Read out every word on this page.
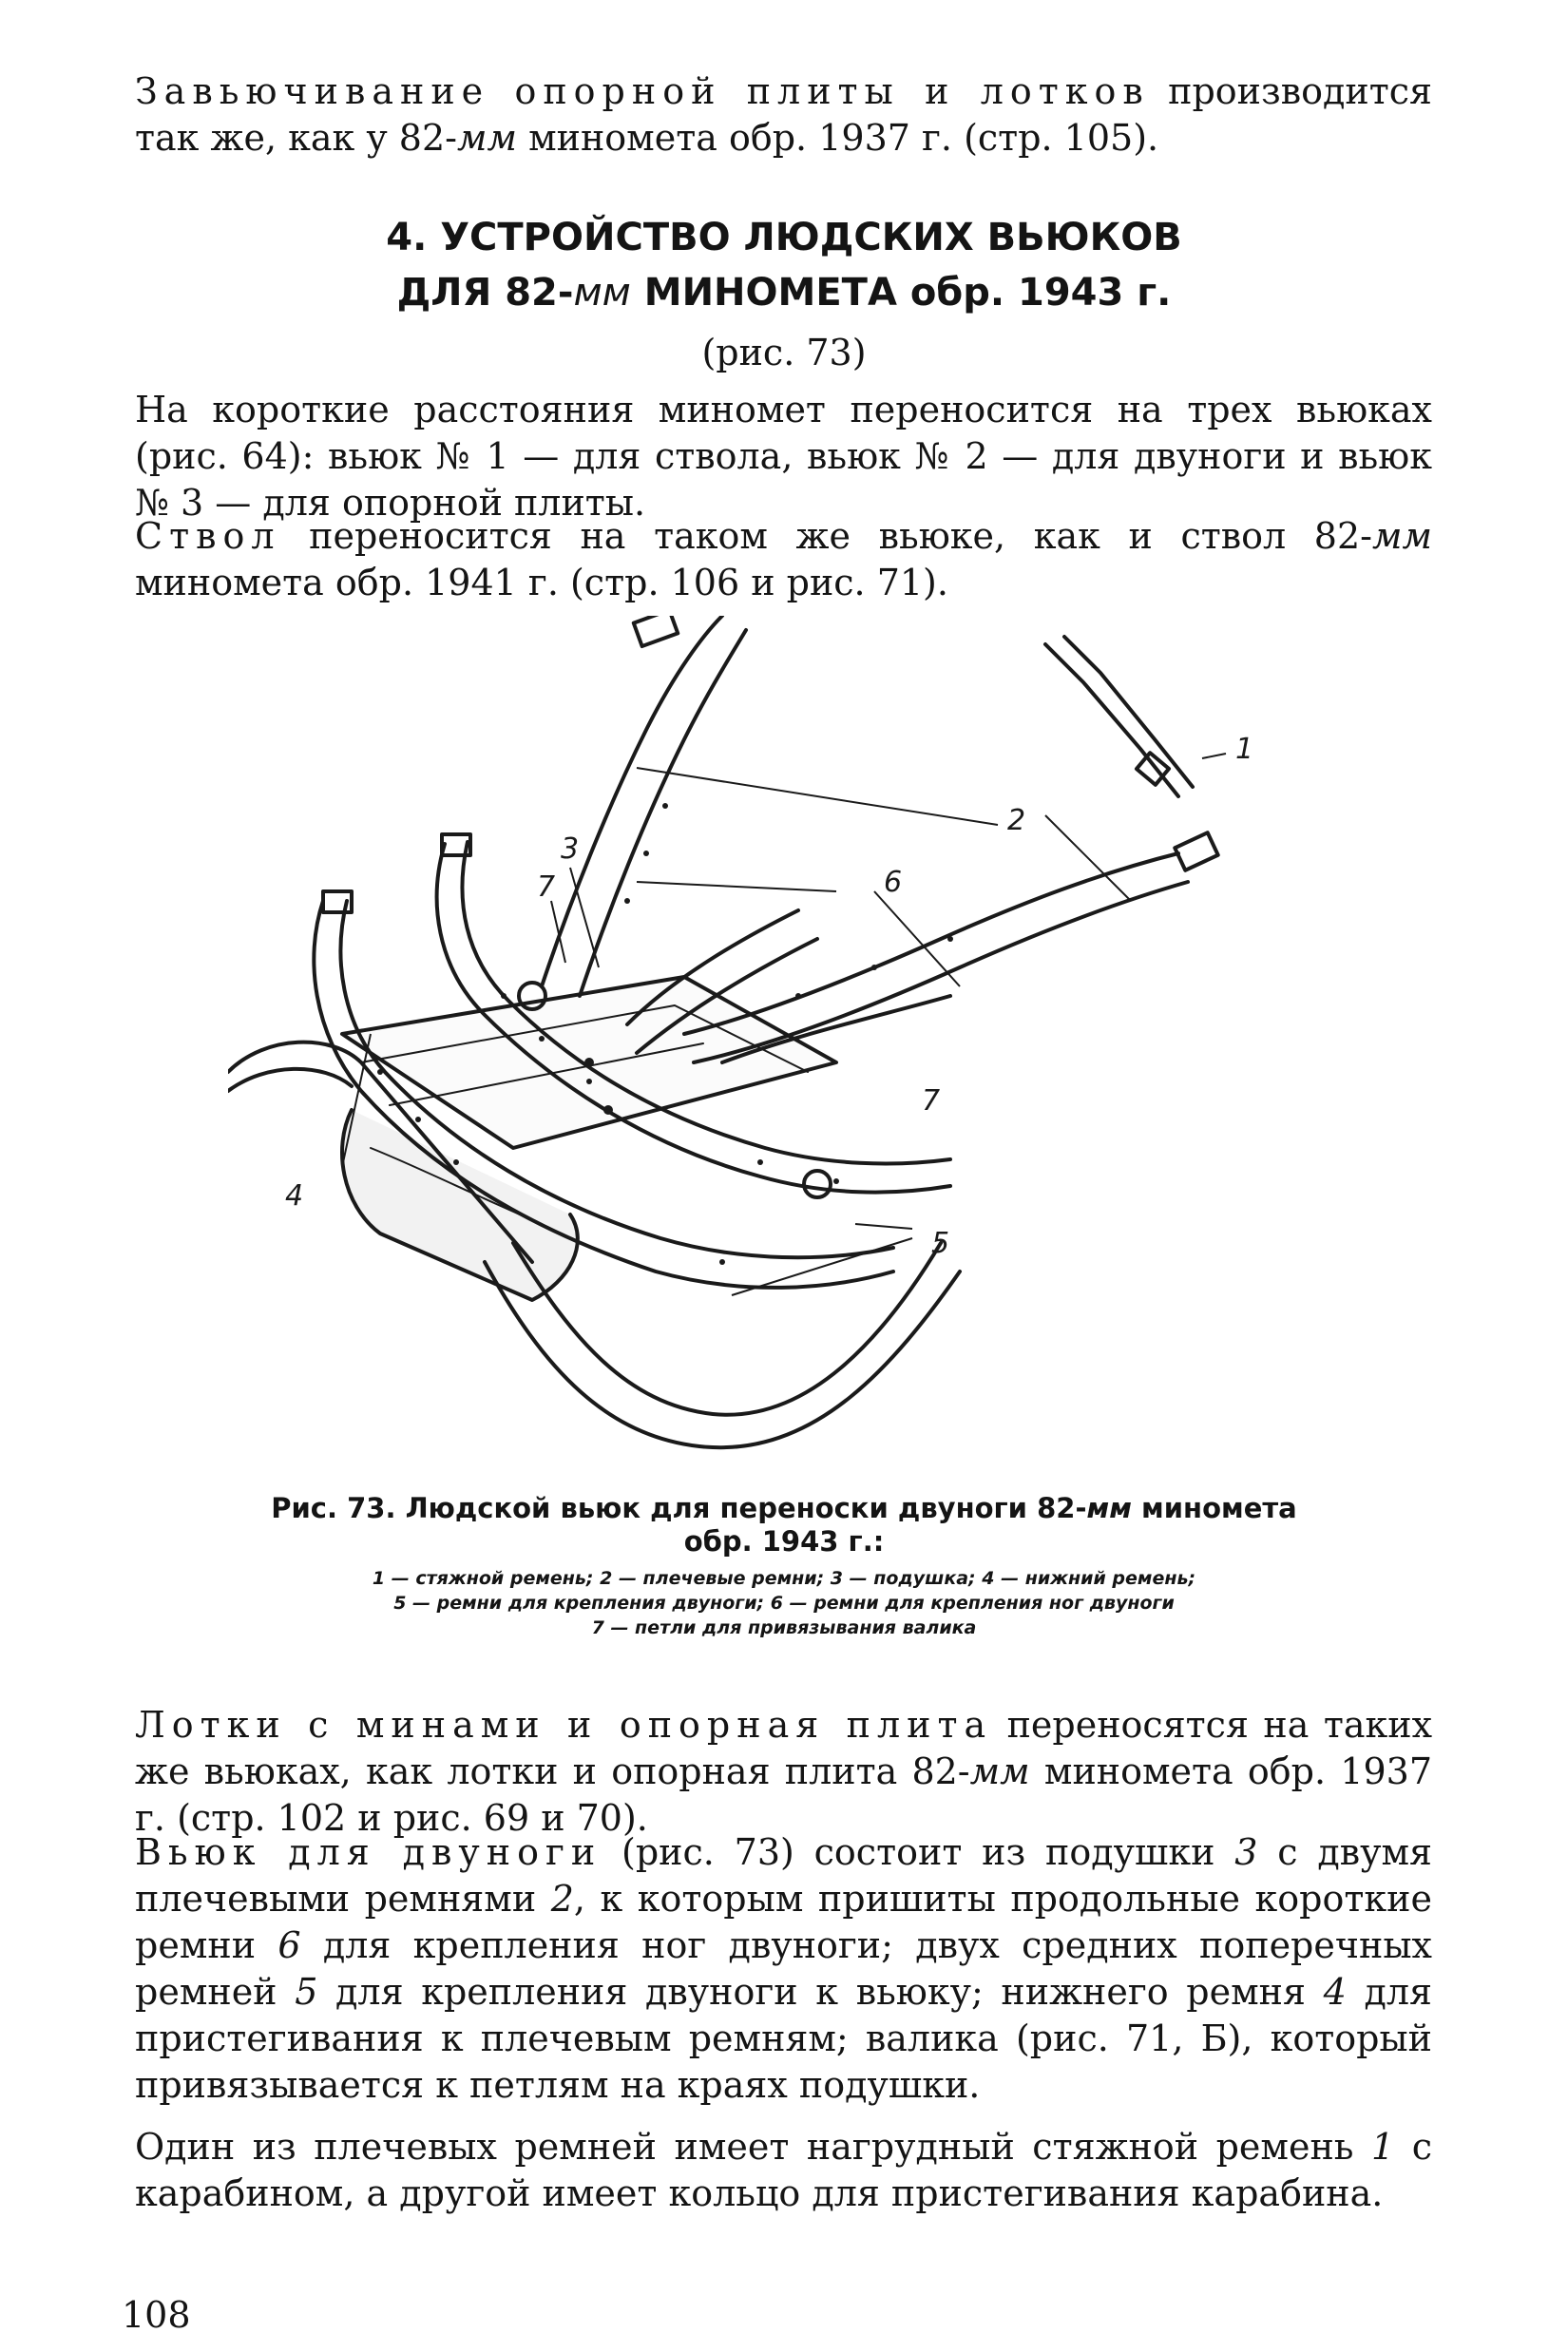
Завьючивание опорной плиты и лотков производится так же, как у 82-мм миномета обр. 1937 г. (стр. 105).

4. УСТРОЙСТВО ЛЮДСКИХ ВЬЮКОВ

ДЛЯ 82-мм МИНОМЕТА обр. 1943 г.

(рис. 73)

На короткие расстояния миномет переносится на трех вьюках (рис. 64): вьюк № 1 — для ствола, вьюк № 2 — для двуноги и вьюк № 3 — для опорной плиты.

Ствол переносится на таком же вьюке, как и ствол 82-мм миномета обр. 1941 г. (стр. 106 и рис. 71).

1
2
3
4
5
6
7
7

Рис. 73. Людской вьюк для переноски двуноги 82-мм миномета

обр. 1943 г.:

1 — стяжной ремень; 2 — плечевые ремни; 3 — подушка; 4 — нижний ремень;

5 — ремни для крепления двуноги; 6 — ремни для крепления ног двуноги

7 — петли для привязывания валика

Лотки с минами и опорная плита переносятся на таких же вьюках, как лотки и опорная плита 82-мм миномета обр. 1937 г. (стр. 102 и рис. 69 и 70).

Вьюк для двуноги (рис. 73) состоит из подушки 3 с двумя плечевыми ремнями 2, к которым пришиты продольные короткие ремни 6 для крепления ног двуноги; двух средних поперечных ремней 5 для крепления двуноги к вьюку; нижнего ремня 4 для пристегивания к плечевым ремням; валика (рис. 71, Б), который привязывается к петлям на краях подушки.

Один из плечевых ремней имеет нагрудный стяжной ремень 1 с карабином, а другой имеет кольцо для пристегивания карабина.

108
